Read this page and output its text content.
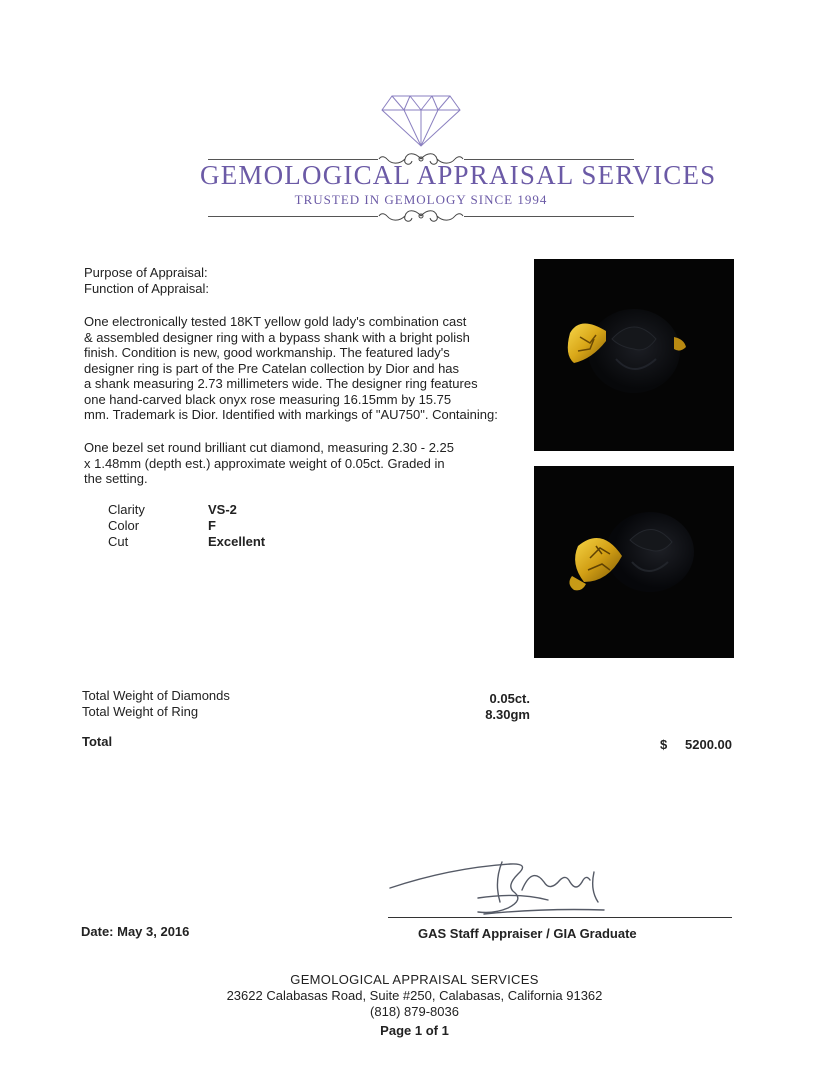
GEMOLOGICAL APPRAISAL SERVICES
TRUSTED IN GEMOLOGY SINCE 1994
Purpose of Appraisal:
Function of Appraisal:
One electronically tested 18KT yellow gold lady's combination cast
& assembled designer ring with a bypass shank with a bright polish
finish. Condition is new, good workmanship. The featured lady's
designer ring is part of the Pre Catelan collection by Dior and has
a shank measuring 2.73 millimeters wide. The designer ring features
one hand-carved black onyx rose measuring 16.15mm by 15.75
mm. Trademark is Dior. Identified with markings of "AU750". Containing:
One bezel set round brilliant cut diamond, measuring 2.30 - 2.25
x 1.48mm (depth est.) approximate weight of 0.05ct. Graded in
the setting.
Clarity	VS-2
Color	F
Cut	Excellent
Total Weight of Diamonds	0.05ct.
Total Weight of Ring	8.30gm
Total	$	5200.00
Date: May 3, 2016	GAS Staff Appraiser / GIA Graduate
GEMOLOGICAL APPRAISAL SERVICES
23622 Calabasas Road, Suite #250, Calabasas, California 91362
(818) 879-8036
Page 1 of 1
